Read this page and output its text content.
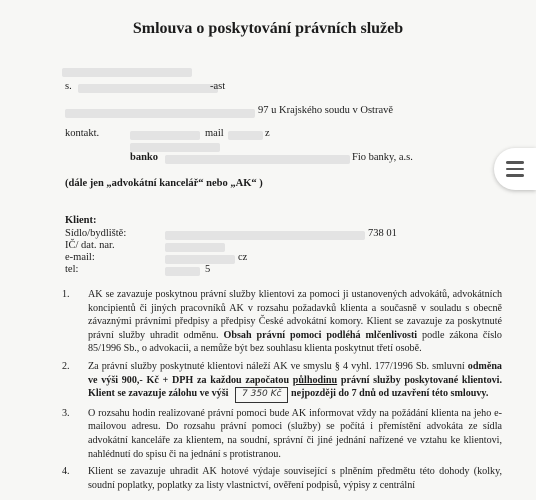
Smlouva o poskytování právních služeb
s.	-ast
97 u Krajského soudu v Ostravě
kontakt.	mail	z
banko	Fio banky, a.s.
(dále jen „advokátní kancelář“ nebo „AK“ )
Klient:
Sídlo/bydliště:	738 01
IČ/ dat. nar.
e-mail:	cz
tel:	5
1. AK se zavazuje poskytnou právní služby klientovi za pomoci ji ustanovených advokátů, advokátních koncipientů či jiných pracovníků AK v rozsahu požadavků klienta a současně v souladu s obecně závaznými právními předpisy a předpisy České advokátní komory. Klient se zavazuje za poskytnuté právní služby uhradit odměnu. Obsah právní pomoci podléhá mlčenlivosti podle zákona číslo 85/1996 Sb., o advokacii, a nemůže být bez souhlasu klienta poskytnut třetí osobě.
2. Za právní služby poskytnuté klientovi náleží AK ve smyslu § 4 vyhl. 177/1996 Sb. smluvní odměna ve výši 900,- Kč + DPH za každou započatou půlhodinu právní služby poskytované klientovi. Klient se zavazuje zálohu ve výši 7 350 Kč nejpozději do 7 dnů od uzavření této smlouvy.
3. O rozsahu hodin realizované právní pomoci bude AK informovat vždy na požádání klienta na jeho e-mailovou adresu. Do rozsahu právní pomoci (služby) se počítá i přemístění advokáta ze sídla advokátní kanceláře za klientem, na soudní, správní či jiné jednání nařízené ve vztahu ke klientovi, nahlédnutí do spisu či na jednání s protistranou.
4. Klient se zavazuje uhradit AK hotové výdaje související s plněním předmětu této dohody (kolky, soudní poplatky, poplatky za listy vlastnictví, ověření podpisů, výpisy z centrální
